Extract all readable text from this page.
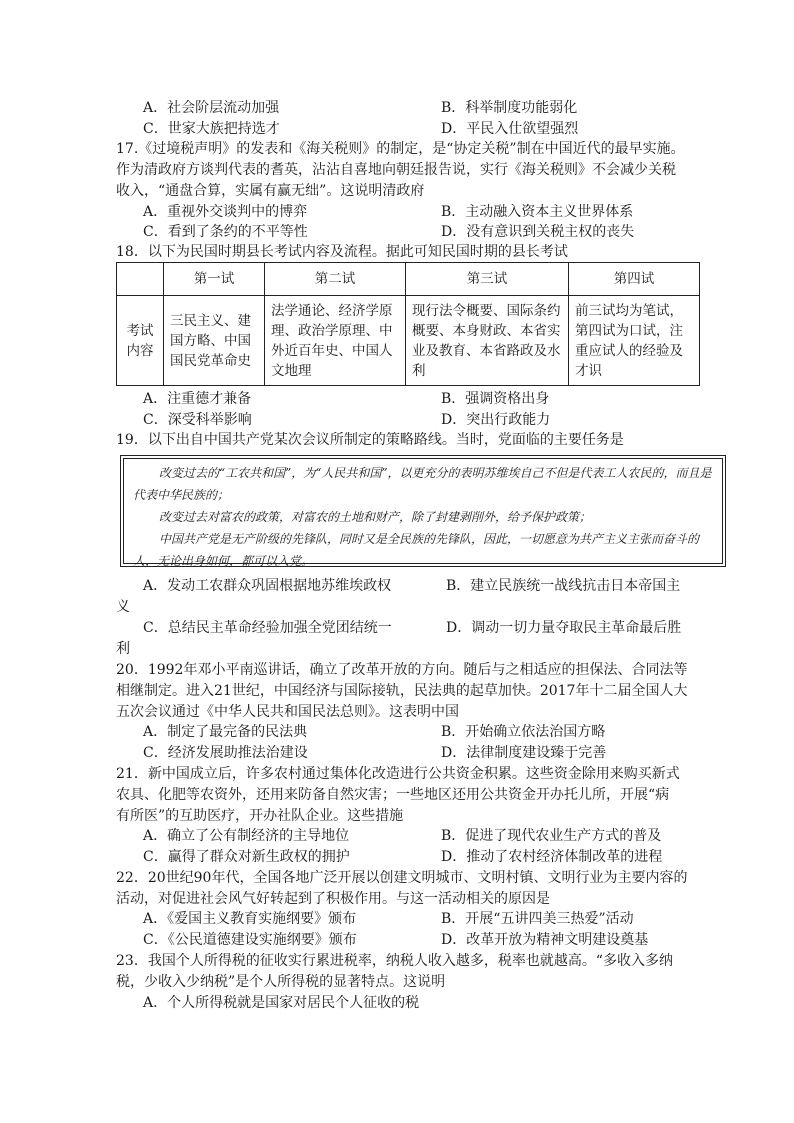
A．社会阶层流动加强	B．科举制度功能弱化
C．世家大族把持选才	D．平民入仕欲望强烈
17.《过境税声明》的发表和《海关税则》的制定，是“协定关税”制在中国近代的最早实施。
作为清政府方谈判代表的耆英，沾沾自喜地向朝廷报告说，实行《海关税则》不会减少关税
收入，“通盘合算，实属有赢无绌”。这说明清政府
A．重视外交谈判中的博弈	B．主动融入资本主义世界体系
C．看到了条约的不平等性	D．没有意识到关税主权的丧失
18．以下为民国时期县长考试内容及流程。据此可知民国时期的县长考试
	第一试	第二试	第三试	第四试
考试内容	三民主义、建国方略、中国国民党革命史	法学通论、经济学原理、政治学原理、中外近百年史、中国人文地理	现行法令概要、国际条约概要、本身财政、本省实业及教育、本省路政及水利	前三试均为笔试，第四试为口试，注重应试人的经验及才识
A．注重德才兼备	B．强调资格出身
C．深受科举影响	D．突出行政能力
19．以下出自中国共产党某次会议所制定的策略路线。当时，党面临的主要任务是

改变过去的“工农共和国”，为“人民共和国”，以更充分的表明苏维埃自己不但是代表工人农民的，而且是代表中华民族的；

改变过去对富农的政策，对富农的土地和财产，除了封建剥削外，给予保护政策；

中国共产党是无产阶级的先锋队，同时又是全民族的先锋队，因此，一切愿意为共产主义主张而奋斗的人，无论出身如何，都可以入党。

A．发动工农群众巩固根据地苏维埃政权	B．建立民族统一战线抗击日本帝国主
义
C．总结民主革命经验加强全党团结统一	D．调动一切力量夺取民主革命最后胜
利
20．1992年邓小平南巡讲话，确立了改革开放的方向。随后与之相适应的担保法、合同法等
相继制定。进入21世纪，中国经济与国际接轨，民法典的起草加快。2017年十二届全国人大
五次会议通过《中华人民共和国民法总则》。这表明中国
A．制定了最完备的民法典	B．开始确立依法治国方略
C．经济发展助推法治建设	D．法律制度建设臻于完善
21．新中国成立后，许多农村通过集体化改造进行公共资金积累。这些资金除用来购买新式
农具、化肥等农资外，还用来防备自然灾害；一些地区还用公共资金开办托儿所，开展“病
有所医”的互助医疗，开办社队企业。这些措施
A．确立了公有制经济的主导地位	B．促进了现代农业生产方式的普及
C．赢得了群众对新生政权的拥护	D．推动了农村经济体制改革的进程
22．20世纪90年代，全国各地广泛开展以创建文明城市、文明村镇、文明行业为主要内容的
活动，对促进社会风气好转起到了积极作用。与这一活动相关的原因是
A．《爱国主义教育实施纲要》颁布	B．开展“五讲四美三热爱”活动
C．《公民道德建设实施纲要》颁布	D．改革开放为精神文明建设奠基
23．我国个人所得税的征收实行累进税率，纳税人收入越多，税率也就越高。“多收入多纳
税，少收入少纳税”是个人所得税的显著特点。这说明
A．个人所得税就是国家对居民个人征收的税
